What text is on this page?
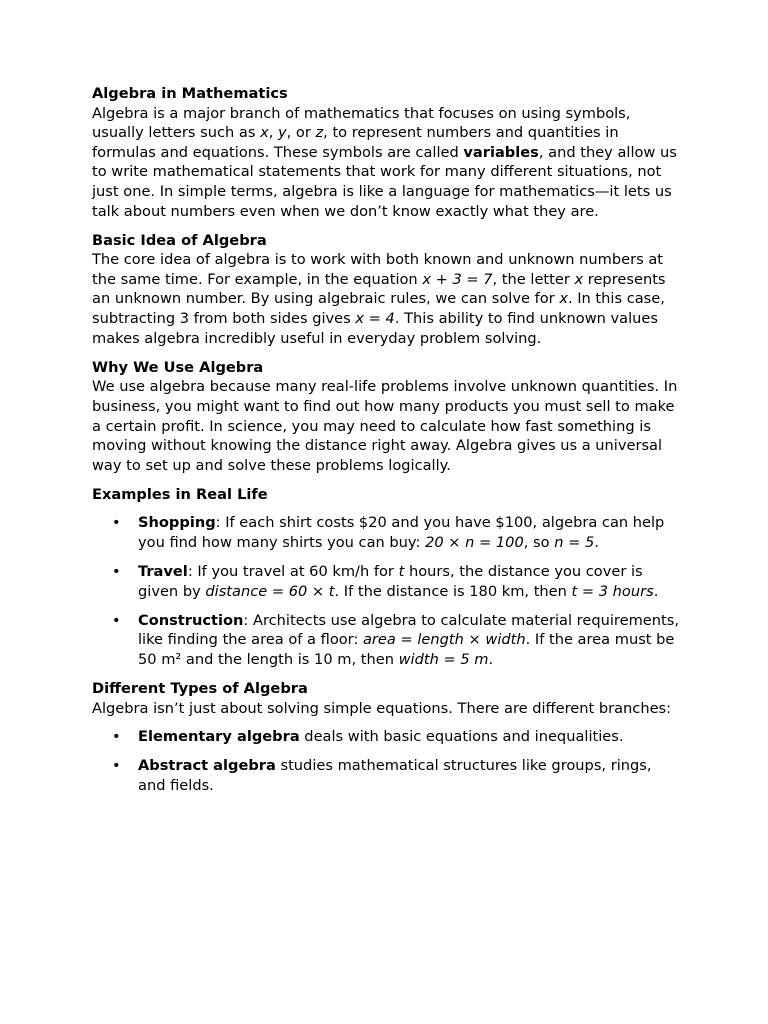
Algebra in Mathematics

Algebra is a major branch of mathematics that focuses on using symbols, usually letters such as x, y, or z, to represent numbers and quantities in formulas and equations. These symbols are called variables, and they allow us to write mathematical statements that work for many different situations, not just one. In simple terms, algebra is like a language for mathematics—it lets us talk about numbers even when we don’t know exactly what they are.

Basic Idea of Algebra

The core idea of algebra is to work with both known and unknown numbers at the same time. For example, in the equation x + 3 = 7, the letter x represents an unknown number. By using algebraic rules, we can solve for x. In this case, subtracting 3 from both sides gives x = 4. This ability to find unknown values makes algebra incredibly useful in everyday problem solving.

Why We Use Algebra

We use algebra because many real-life problems involve unknown quantities. In business, you might want to find out how many products you must sell to make a certain profit. In science, you may need to calculate how fast something is moving without knowing the distance right away. Algebra gives us a universal way to set up and solve these problems logically.

Examples in Real Life
• Shopping: If each shirt costs $20 and you have $100, algebra can help you find how many shirts you can buy: 20 × n = 100, so n = 5.
• Travel: If you travel at 60 km/h for t hours, the distance you cover is given by distance = 60 × t. If the distance is 180 km, then t = 3 hours.
• Construction: Architects use algebra to calculate material requirements, like finding the area of a floor: area = length × width. If the area must be 50 m² and the length is 10 m, then width = 5 m.
Different Types of Algebra

Algebra isn’t just about solving simple equations. There are different branches:

• Elementary algebra deals with basic equations and inequalities.
• Abstract algebra studies mathematical structures like groups, rings, and fields.
